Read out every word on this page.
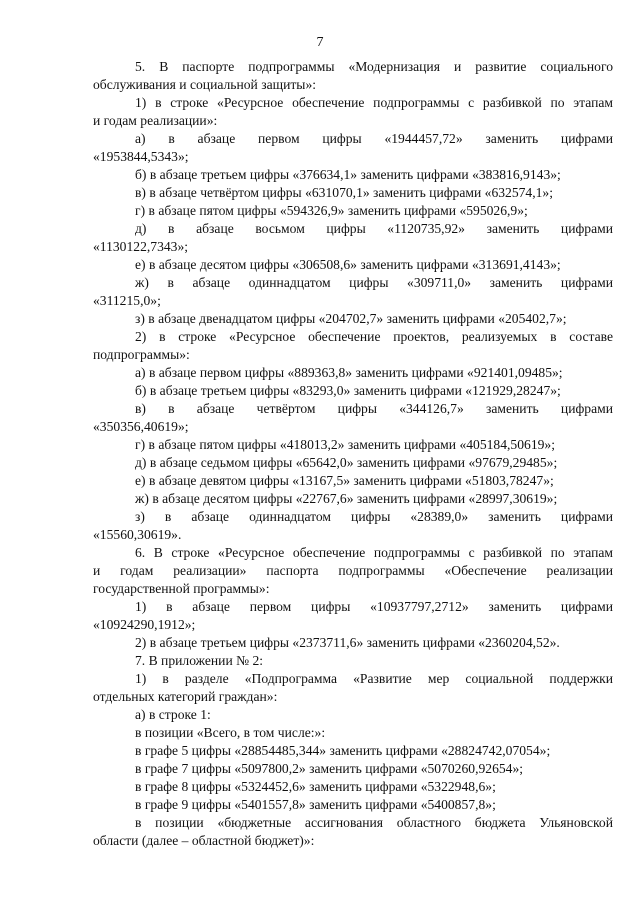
7

5. В паспорте подпрограммы «Модернизация и развитие социального

обслуживания и социальной защиты»:

1) в строке «Ресурсное обеспечение подпрограммы с разбивкой по этапам

и годам реализации»:

а) в абзаце первом цифры «1944457,72» заменить цифрами

«1953844,5343»;

б) в абзаце третьем цифры «376634,1» заменить цифрами «383816,9143»;

в) в абзаце четвёртом цифры «631070,1» заменить цифрами «632574,1»;

г) в абзаце пятом цифры «594326,9» заменить цифрами «595026,9»;

д) в абзаце восьмом цифры «1120735,92» заменить цифрами

«1130122,7343»;

е) в абзаце десятом цифры «306508,6» заменить цифрами «313691,4143»;

ж) в абзаце одиннадцатом цифры «309711,0» заменить цифрами

«311215,0»;

з) в абзаце двенадцатом цифры «204702,7» заменить цифрами «205402,7»;

2) в строке «Ресурсное обеспечение проектов, реализуемых в составе

подпрограммы»:

а) в абзаце первом цифры «889363,8» заменить цифрами «921401,09485»;

б) в абзаце третьем цифры «83293,0» заменить цифрами «121929,28247»;

в) в абзаце четвёртом цифры «344126,7» заменить цифрами

«350356,40619»;

г) в абзаце пятом цифры «418013,2» заменить цифрами «405184,50619»;

д) в абзаце седьмом цифры «65642,0» заменить цифрами «97679,29485»;

е) в абзаце девятом цифры «13167,5» заменить цифрами «51803,78247»;

ж) в абзаце десятом цифры «22767,6» заменить цифрами «28997,30619»;

з) в абзаце одиннадцатом цифры «28389,0» заменить цифрами

«15560,30619».

6. В строке «Ресурсное обеспечение подпрограммы с разбивкой по этапам

и годам реализации» паспорта подпрограммы «Обеспечение реализации

государственной программы»:

1) в абзаце первом цифры «10937797,2712» заменить цифрами

«10924290,1912»;

2) в абзаце третьем цифры «2373711,6» заменить цифрами «2360204,52».

7. В приложении № 2:

1) в разделе «Подпрограмма «Развитие мер социальной поддержки

отдельных категорий граждан»:

а) в строке 1:

в позиции «Всего, в том числе:»:

в графе 5 цифры «28854485,344» заменить цифрами «28824742,07054»;

в графе 7 цифры «5097800,2» заменить цифрами «5070260,92654»;

в графе 8 цифры «5324452,6» заменить цифрами «5322948,6»;

в графе 9 цифры «5401557,8» заменить цифрами «5400857,8»;

в позиции «бюджетные ассигнования областного бюджета Ульяновской

области (далее – областной бюджет)»:
